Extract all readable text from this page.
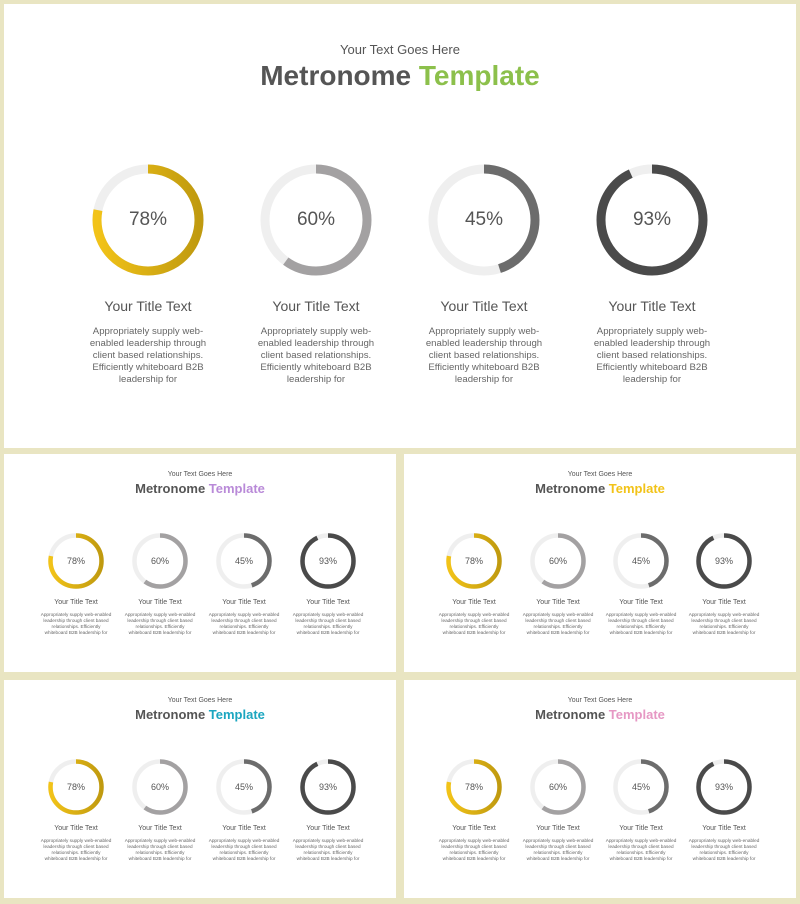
Your Text Goes Here
Metronome Template
78%
Your Title Text
Appropriately supply web-enabled leadership through client based relationships. Efficiently whiteboard B2B leadership for
60%
Your Title Text
Appropriately supply web-enabled leadership through client based relationships. Efficiently whiteboard B2B leadership for
45%
Your Title Text
Appropriately supply web-enabled leadership through client based relationships. Efficiently whiteboard B2B leadership for
93%
Your Title Text
Appropriately supply web-enabled leadership through client based relationships. Efficiently whiteboard B2B leadership for
Your Text Goes Here
Metronome Template
78%
Your Title Text
Appropriately supply web-enabled leadership through client based relationships. Efficiently whiteboard B2B leadership for
60%
Your Title Text
Appropriately supply web-enabled leadership through client based relationships. Efficiently whiteboard B2B leadership for
45%
Your Title Text
Appropriately supply web-enabled leadership through client based relationships. Efficiently whiteboard B2B leadership for
93%
Your Title Text
Appropriately supply web-enabled leadership through client based relationships. Efficiently whiteboard B2B leadership for
Your Text Goes Here
Metronome Template
78%
Your Title Text
Appropriately supply web-enabled leadership through client based relationships. Efficiently whiteboard B2B leadership for
60%
Your Title Text
Appropriately supply web-enabled leadership through client based relationships. Efficiently whiteboard B2B leadership for
45%
Your Title Text
Appropriately supply web-enabled leadership through client based relationships. Efficiently whiteboard B2B leadership for
93%
Your Title Text
Appropriately supply web-enabled leadership through client based relationships. Efficiently whiteboard B2B leadership for
Your Text Goes Here
Metronome Template
78%
Your Title Text
Appropriately supply web-enabled leadership through client based relationships. Efficiently whiteboard B2B leadership for
60%
Your Title Text
Appropriately supply web-enabled leadership through client based relationships. Efficiently whiteboard B2B leadership for
45%
Your Title Text
Appropriately supply web-enabled leadership through client based relationships. Efficiently whiteboard B2B leadership for
93%
Your Title Text
Appropriately supply web-enabled leadership through client based relationships. Efficiently whiteboard B2B leadership for
Your Text Goes Here
Metronome Template
78%
Your Title Text
Appropriately supply web-enabled leadership through client based relationships. Efficiently whiteboard B2B leadership for
60%
Your Title Text
Appropriately supply web-enabled leadership through client based relationships. Efficiently whiteboard B2B leadership for
45%
Your Title Text
Appropriately supply web-enabled leadership through client based relationships. Efficiently whiteboard B2B leadership for
93%
Your Title Text
Appropriately supply web-enabled leadership through client based relationships. Efficiently whiteboard B2B leadership for
